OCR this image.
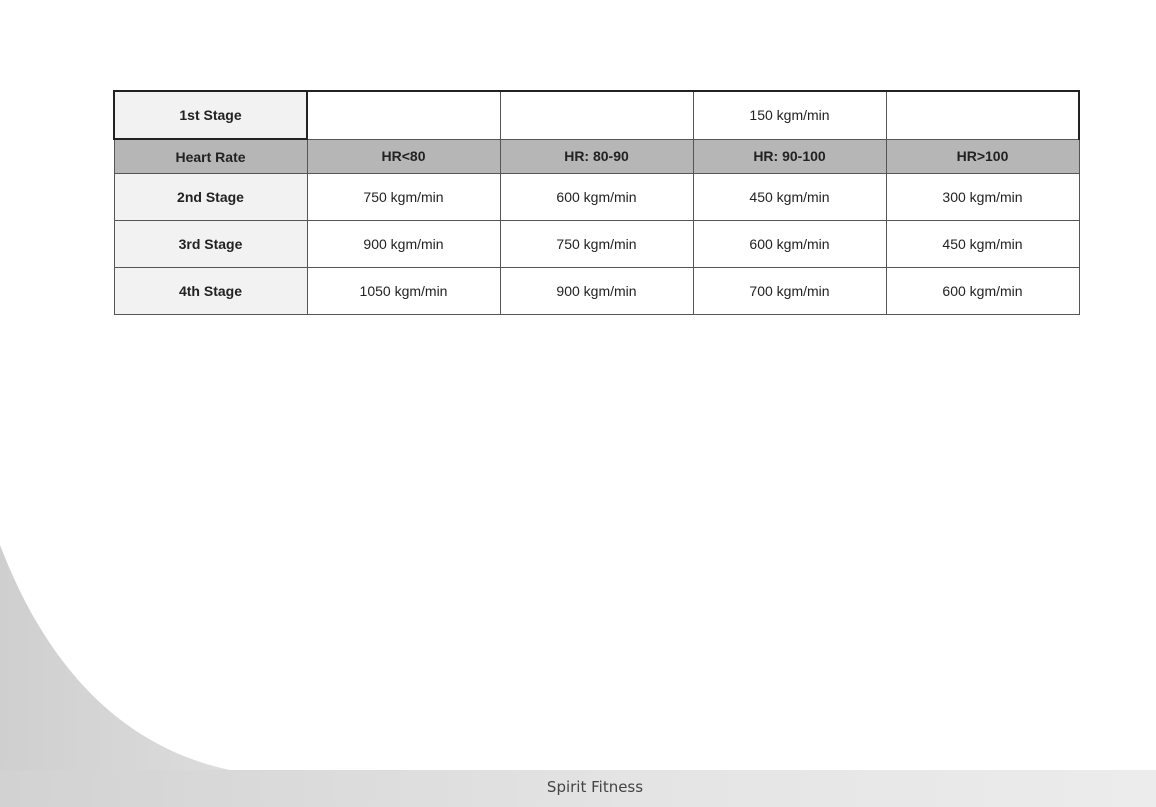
1st Stage			150 kgm/min	
Heart Rate	HR<80	HR: 80-90	HR: 90-100	HR>100
2nd Stage	750 kgm/min	600 kgm/min	450 kgm/min	300 kgm/min
3rd Stage	900 kgm/min	750 kgm/min	600 kgm/min	450 kgm/min
4th Stage	1050 kgm/min	900 kgm/min	700 kgm/min	600 kgm/min
Spirit Fitness
